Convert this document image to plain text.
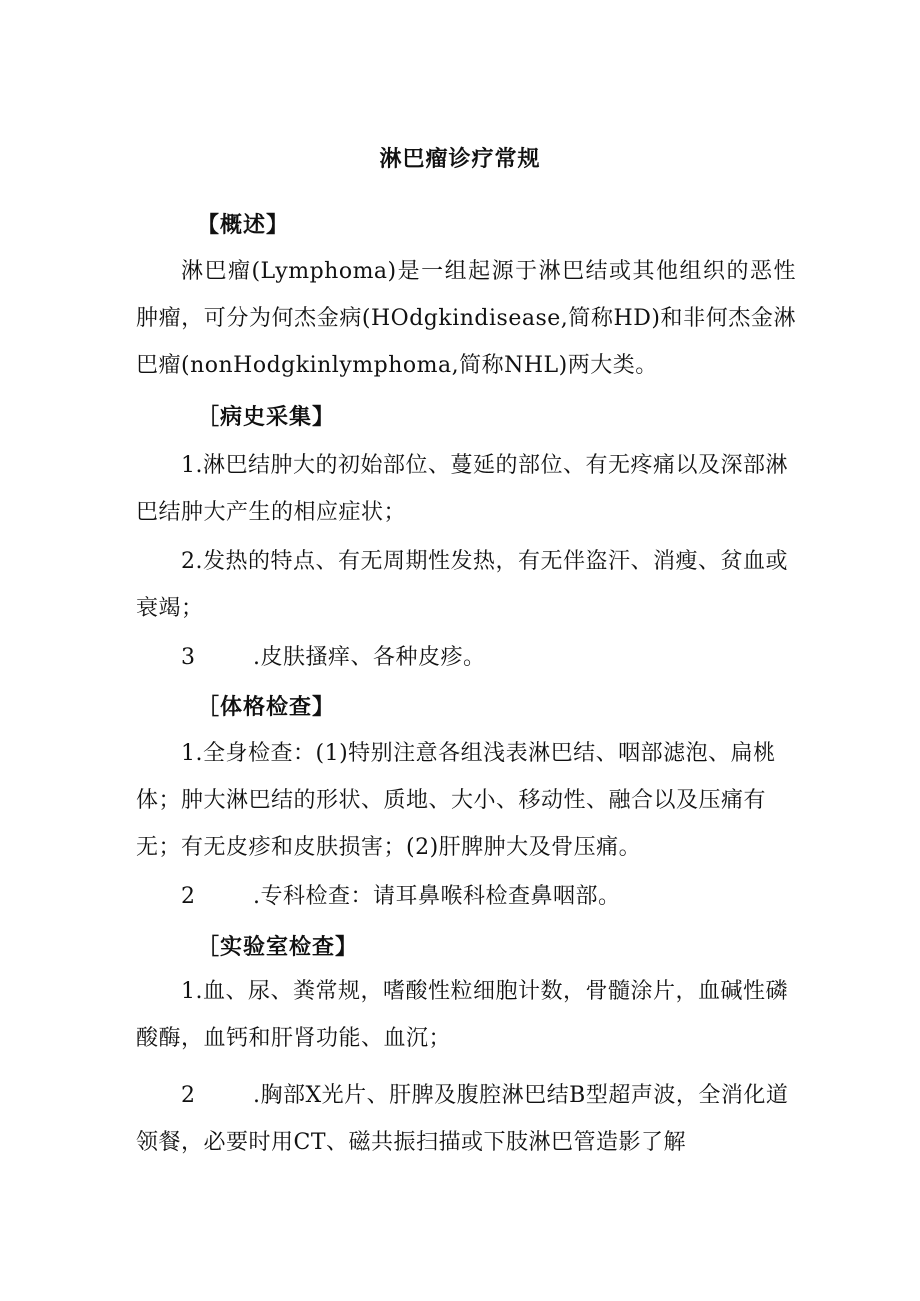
淋巴瘤诊疗常规
【概述】
淋巴瘤(Lymphoma)是一组起源于淋巴结或其他组织的恶性肿瘤，可分为何杰金病(HOdgkindisease,简称HD)和非何杰金淋巴瘤(nonHodgkinlymphoma,简称NHL)两大类。
［病史采集】
1.淋巴结肿大的初始部位、蔓延的部位、有无疼痛以及深部淋巴结肿大产生的相应症状；
2.发热的特点、有无周期性发热，有无伴盗汗、消瘦、贫血或衰竭；
3	.皮肤搔痒、各种皮疹。
［体格检查】
1.全身检查：(1)特别注意各组浅表淋巴结、咽部滤泡、扁桃体；肿大淋巴结的形状、质地、大小、移动性、融合以及压痛有无；有无皮疹和皮肤损害；(2)肝脾肿大及骨压痛。
2	.专科检查：请耳鼻喉科检查鼻咽部。
［实验室检查】
1.血、尿、粪常规，嗜酸性粒细胞计数，骨髓涂片，血碱性磷酸酶，血钙和肝肾功能、血沉；
2	.胸部X光片、肝脾及腹腔淋巴结B型超声波，全消化道领餐，必要时用CT、磁共振扫描或下肢淋巴管造影了解
